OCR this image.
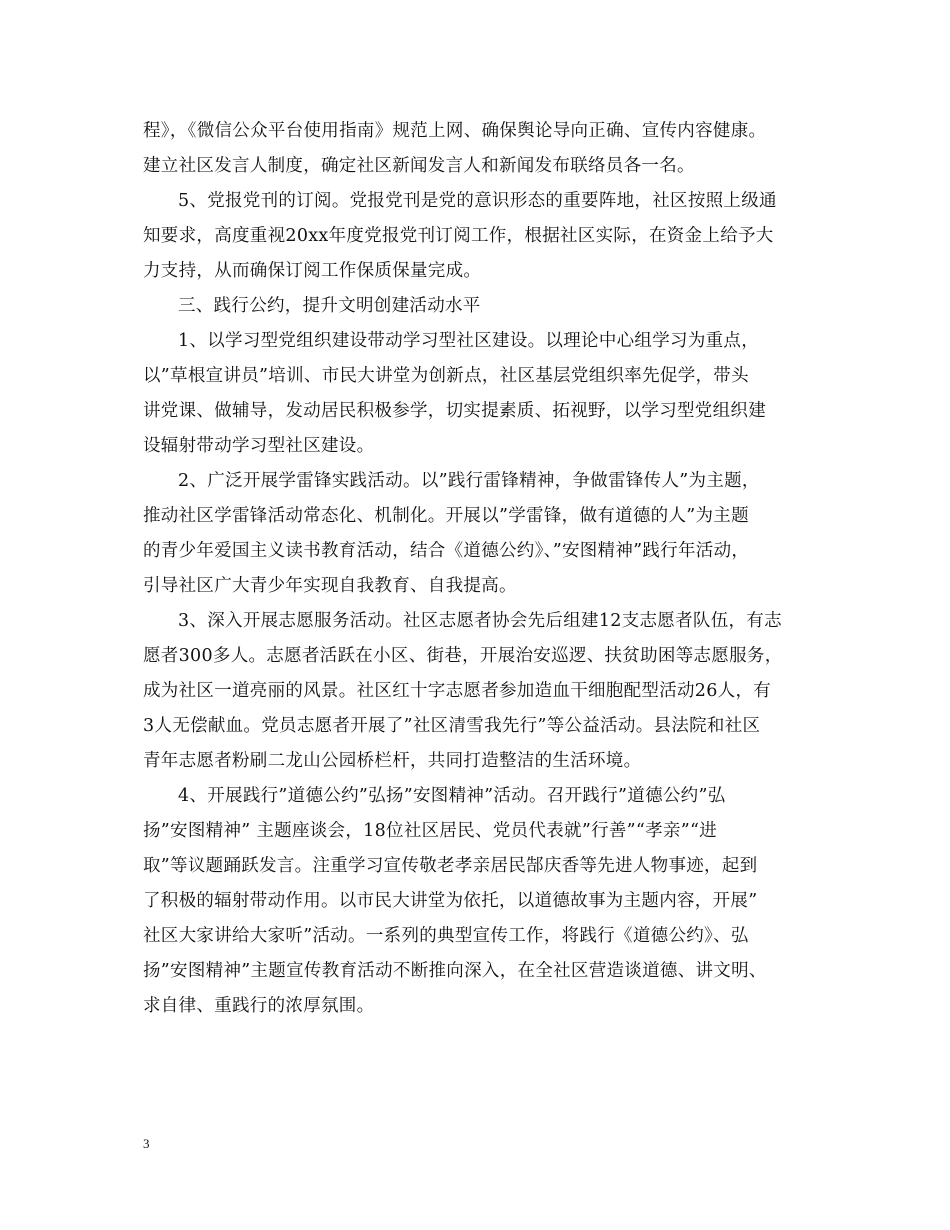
程》，《微信公众平台使用指南》规范上网、确保舆论导向正确、宣传内容健康。
建立社区发言人制度，确定社区新闻发言人和新闻发布联络员各一名。
5、党报党刊的订阅。党报党刊是党的意识形态的重要阵地，社区按照上级通
知要求，高度重视20xx年度党报党刊订阅工作，根据社区实际，在资金上给予大
力支持，从而确保订阅工作保质保量完成。
三、践行公约，提升文明创建活动水平
1、以学习型党组织建设带动学习型社区建设。以理论中心组学习为重点，
以”草根宣讲员”培训、市民大讲堂为创新点，社区基层党组织率先促学，带头
讲党课、做辅导，发动居民积极参学，切实提素质、拓视野，以学习型党组织建
设辐射带动学习型社区建设。
2、广泛开展学雷锋实践活动。以”践行雷锋精神，争做雷锋传人”为主题，
推动社区学雷锋活动常态化、机制化。开展以”学雷锋，做有道德的人”为主题
的青少年爱国主义读书教育活动，结合《道德公约》、”安图精神”践行年活动，
引导社区广大青少年实现自我教育、自我提高。
3、深入开展志愿服务活动。社区志愿者协会先后组建12支志愿者队伍，有志
愿者300多人。志愿者活跃在小区、街巷，开展治安巡逻、扶贫助困等志愿服务，
成为社区一道亮丽的风景。社区红十字志愿者参加造血干细胞配型活动26人，有
3人无偿献血。党员志愿者开展了”社区清雪我先行”等公益活动。县法院和社区
青年志愿者粉刷二龙山公园桥栏杆，共同打造整洁的生活环境。
4、开展践行”道德公约”弘扬”安图精神”活动。召开践行”道德公约”弘
扬”安图精神” 主题座谈会，18位社区居民、党员代表就”行善”“孝亲”“进
取”等议题踊跃发言。注重学习宣传敬老孝亲居民郜庆香等先进人物事迹，起到
了积极的辐射带动作用。以市民大讲堂为依托，以道德故事为主题内容，开展”
社区大家讲给大家听”活动。一系列的典型宣传工作，将践行《道德公约》、弘
扬”安图精神”主题宣传教育活动不断推向深入，在全社区营造谈道德、讲文明、
求自律、重践行的浓厚氛围。
3
